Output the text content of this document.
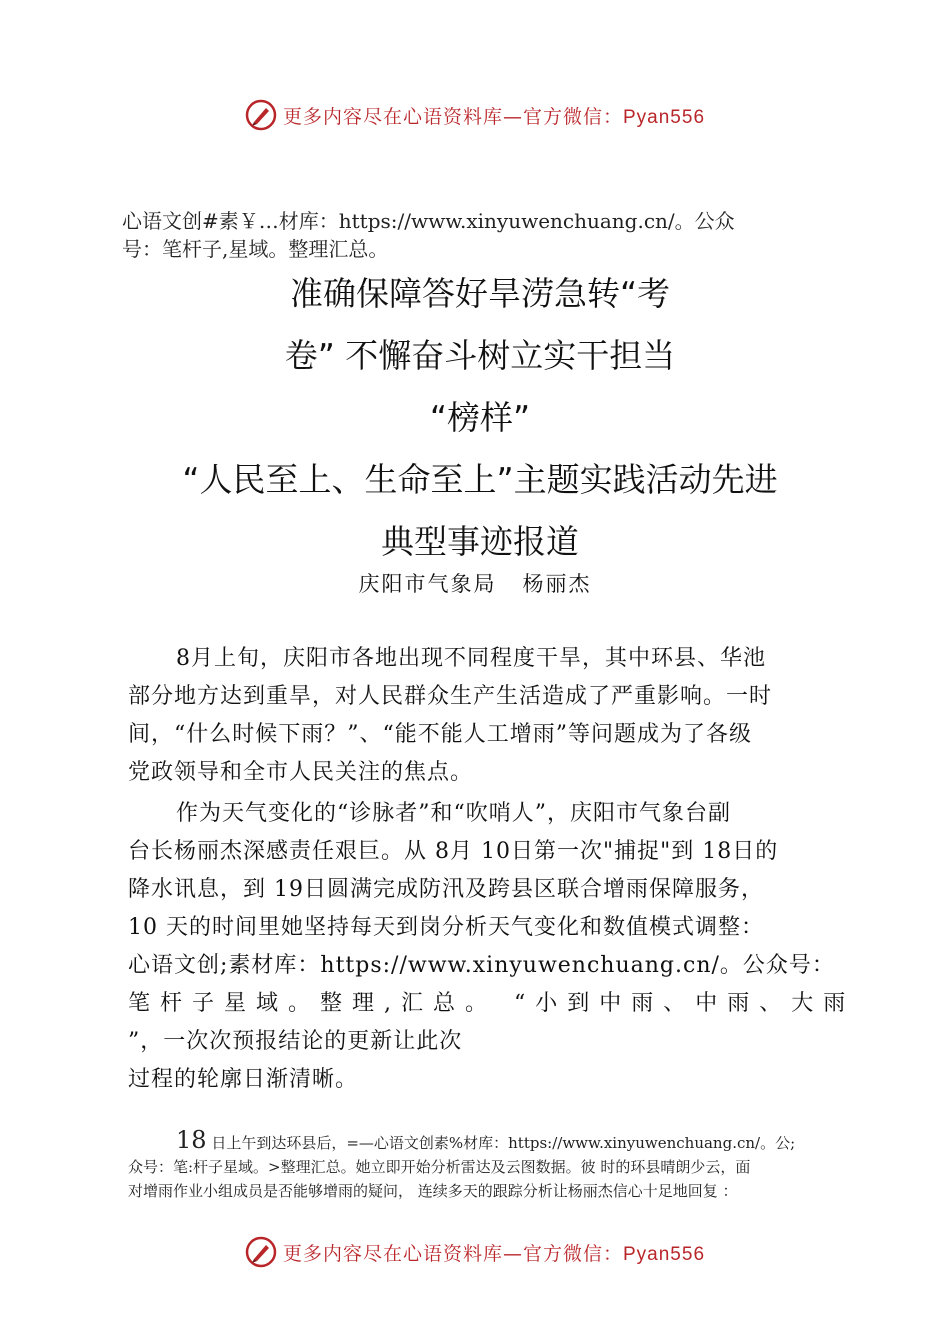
更多内容尽在心语资料库—官方微信：Pyan556
心语文创#素￥…材库：https://www.xinyuwenchuang.cn/。公众
号：笔杆子,星域。整理汇总。
准确保障答好旱涝急转“考
卷” 不懈奋斗树立实干担当
“榜样”
“人民至上、生命至上”主题实践活动先进
典型事迹报道
庆阳市气象局 杨丽杰
8月上旬，庆阳市各地出现不同程度干旱，其中环县、华池
部分地方达到重旱，对人民群众生产生活造成了严重影响。一时
间，“什么时候下雨？”、“能不能人工增雨”等问题成为了各级
党政领导和全市人民关注的焦点。
作为天气变化的“诊脉者”和“吹哨人”，庆阳市气象台副
台长杨丽杰深感责任艰巨。从 8月 10日第一次"捕捉"到 18日的
降水讯息，到 19日圆满完成防汛及跨县区联合增雨保障服务，
10 天的时间里她坚持每天到岗分析天气变化和数值模式调整：
心语文创;素材库：https://www.xinyuwenchuang.cn/。公众号：
笔杆子星域。整理,汇总。 “小到中雨、中雨、大雨
”，一次次预报结论的更新让此次
过程的轮廓日渐清晰。
18 日上午到达环县后，=—心语文创素%材库：https://www.xinyuwenchuang.cn/。公;
众号：笔:杆子星域。>整理汇总。她立即开始分析雷达及云图数据。彼 时的环县晴朗少云，面
对增雨作业小组成员是否能够增雨的疑问， 连续多天的跟踪分析让杨丽杰信心十足地回复 ：
更多内容尽在心语资料库—官方微信：Pyan556
